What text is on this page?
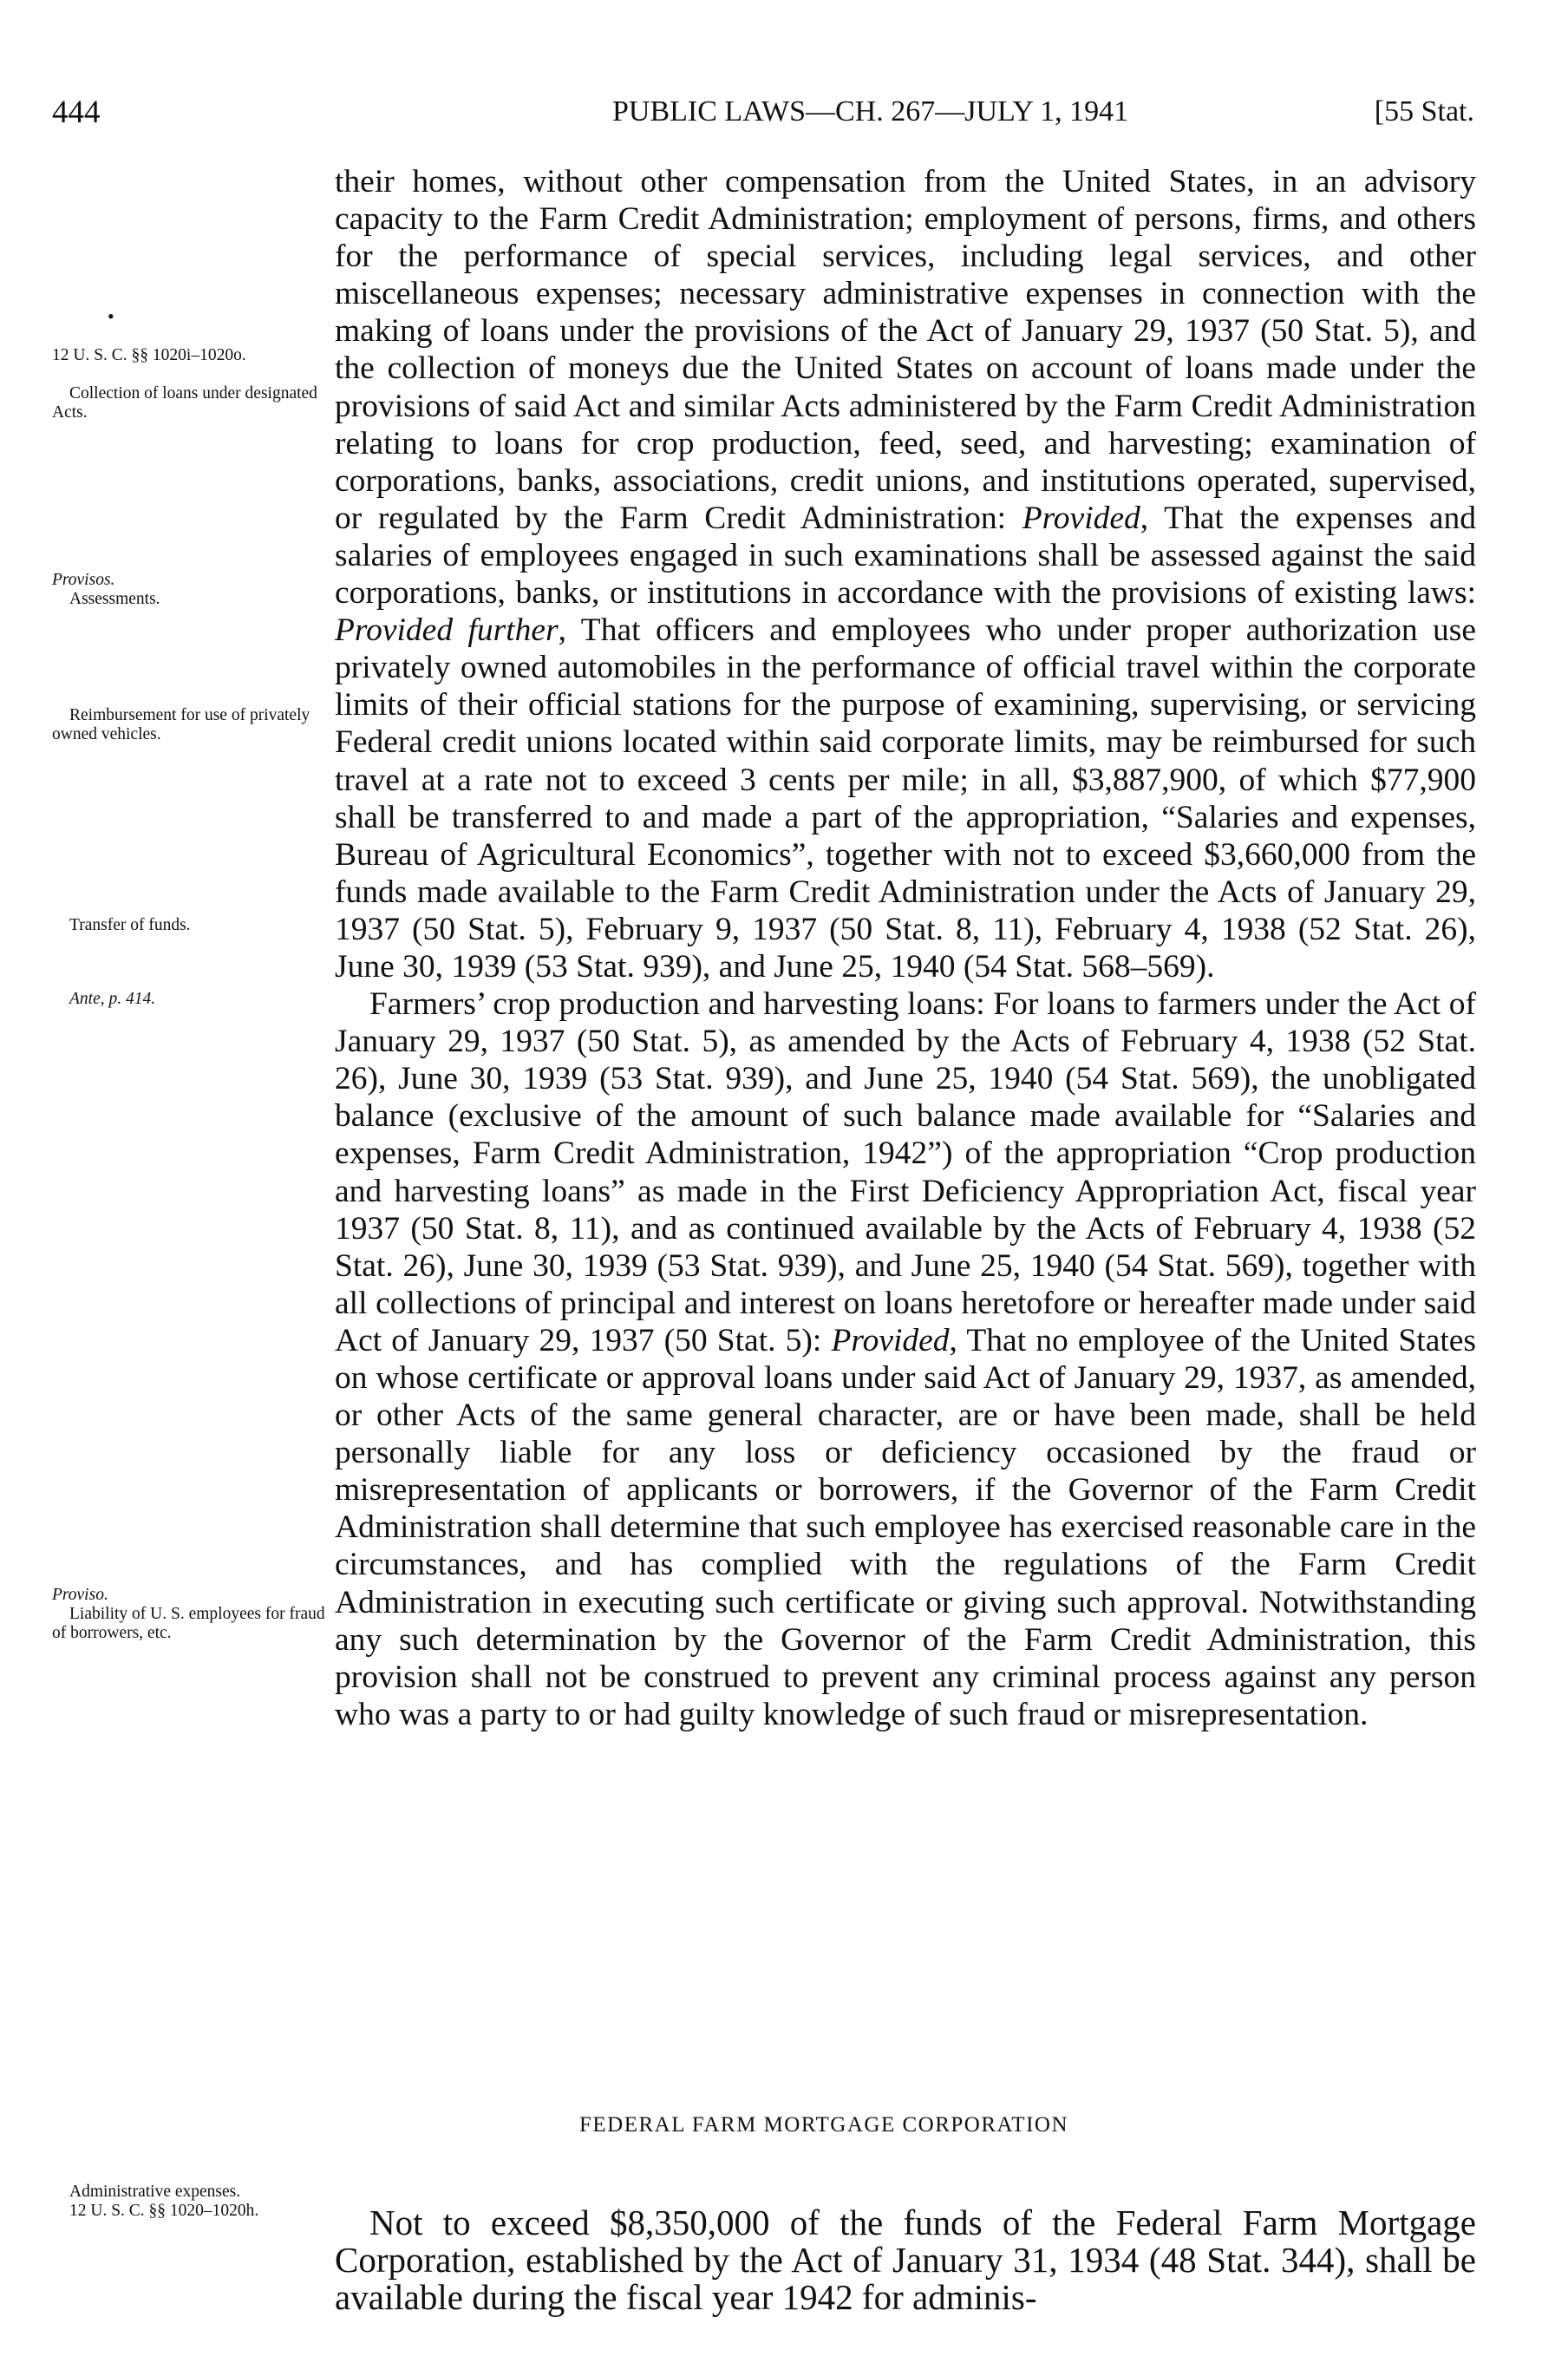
444	PUBLIC LAWS—CH. 267—JULY 1, 1941	[55 Stat.
•
12 U. S. C. §§ 1020i–1020o.
Collection of loans under designated Acts.
Provisos.
Assessments.
Reimbursement for use of privately owned vehicles.
Transfer of funds.
Ante, p. 414.
Proviso.
Liability of U. S. employees for fraud of borrowers, etc.
Administrative expenses.
12 U. S. C. §§ 1020–1020h.

their homes, without other compensation from the United States, in an advisory capacity to the Farm Credit Administration; employment of persons, firms, and others for the performance of special services, including legal services, and other miscellaneous expenses; necessary administrative expenses in connection with the making of loans under the provisions of the Act of January 29, 1937 (50 Stat. 5), and the collection of moneys due the United States on account of loans made under the provisions of said Act and similar Acts administered by the Farm Credit Administration relating to loans for crop production, feed, seed, and harvesting; examination of corporations, banks, associations, credit unions, and institutions operated, supervised, or regulated by the Farm Credit Administration: Provided, That the expenses and salaries of employees engaged in such examinations shall be assessed against the said corporations, banks, or institutions in accordance with the provisions of existing laws: Provided further, That officers and employees who under proper authorization use privately owned automobiles in the performance of official travel within the corporate limits of their official stations for the purpose of examining, supervising, or servicing Federal credit unions located within said corporate limits, may be reimbursed for such travel at a rate not to exceed 3 cents per mile; in all, $3,887,900, of which $77,900 shall be transferred to and made a part of the appropriation, “Salaries and expenses, Bureau of Agricultural Economics”, together with not to exceed $3,660,000 from the funds made available to the Farm Credit Administration under the Acts of January 29, 1937 (50 Stat. 5), February 9, 1937 (50 Stat. 8, 11), February 4, 1938 (52 Stat. 26), June 30, 1939 (53 Stat. 939), and June 25, 1940 (54 Stat. 568–569).

Farmers’ crop production and harvesting loans: For loans to farmers under the Act of January 29, 1937 (50 Stat. 5), as amended by the Acts of February 4, 1938 (52 Stat. 26), June 30, 1939 (53 Stat. 939), and June 25, 1940 (54 Stat. 569), the unobligated balance (exclusive of the amount of such balance made available for “Salaries and expenses, Farm Credit Administration, 1942”) of the appropriation “Crop production and harvesting loans” as made in the First Deficiency Appropriation Act, fiscal year 1937 (50 Stat. 8, 11), and as continued available by the Acts of February 4, 1938 (52 Stat. 26), June 30, 1939 (53 Stat. 939), and June 25, 1940 (54 Stat. 569), together with all collections of principal and interest on loans heretofore or hereafter made under said Act of January 29, 1937 (50 Stat. 5): Provided, That no employee of the United States on whose certificate or approval loans under said Act of January 29, 1937, as amended, or other Acts of the same general character, are or have been made, shall be held personally liable for any loss or deficiency occasioned by the fraud or misrepresentation of applicants or borrowers, if the Governor of the Farm Credit Administration shall determine that such employee has exercised reasonable care in the circumstances, and has complied with the regulations of the Farm Credit Administration in executing such certificate or giving such approval. Notwithstanding any such determination by the Governor of the Farm Credit Administration, this provision shall not be construed to prevent any criminal process against any person who was a party to or had guilty knowledge of such fraud or misrepresentation.

FEDERAL FARM MORTGAGE CORPORATION

Not to exceed $8,350,000 of the funds of the Federal Farm Mortgage Corporation, established by the Act of January 31, 1934 (48 Stat. 344), shall be available during the fiscal year 1942 for adminis-
